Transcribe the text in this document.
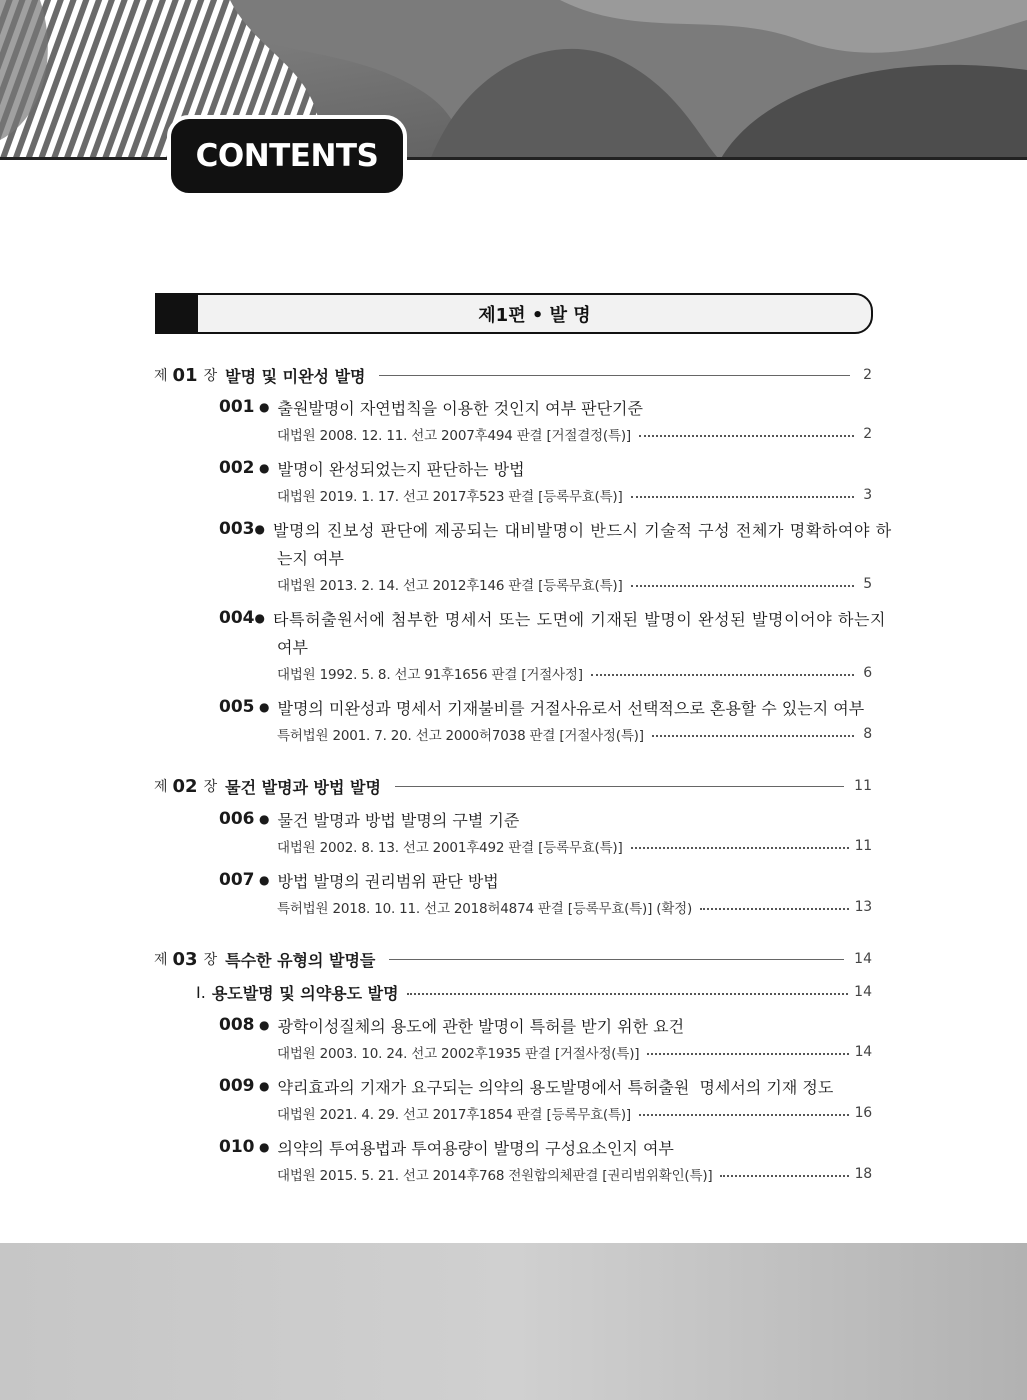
CONTENTS
제1편 • 발 명
제 01 장 발명 및 미완성 발명	2
001 ● 출원발명이 자연법칙을 이용한 것인지 여부 판단기준
대법원 2008. 12. 11. 선고 2007후494 판결 [거절결정(특)]	2
002 ● 발명이 완성되었는지 판단하는 방법
대법원 2019. 1. 17. 선고 2017후523 판결 [등록무효(특)]	3
003 ● 발명의 진보성 판단에 제공되는 대비발명이 반드시 기술적 구성 전체가 명확하여야 하
는지 여부
대법원 2013. 2. 14. 선고 2012후146 판결 [등록무효(특)]	5
004 ● 타특허출원서에 첨부한 명세서 또는 도면에 기재된 발명이 완성된 발명이어야 하는지
여부
대법원 1992. 5. 8. 선고 91후1656 판결 [거절사정]	6
005 ● 발명의 미완성과 명세서 기재불비를 거절사유로서 선택적으로 혼용할 수 있는지 여부
특허법원 2001. 7. 20. 선고 2000허7038 판결 [거절사정(특)]	8
제 02 장 물건 발명과 방법 발명	11
006 ● 물건 발명과 방법 발명의 구별 기준
대법원 2002. 8. 13. 선고 2001후492 판결 [등록무효(특)]	11
007 ● 방법 발명의 권리범위 판단 방법
특허법원 2018. 10. 11. 선고 2018허4874 판결 [등록무효(특)] (확정)	13
제 03 장 특수한 유형의 발명들	14
Ⅰ. 용도발명 및 의약용도 발명	14
008 ● 광학이성질체의 용도에 관한 발명이 특허를 받기 위한 요건
대법원 2003. 10. 24. 선고 2002후1935 판결 [거절사정(특)]	14
009 ● 약리효과의 기재가 요구되는 의약의 용도발명에서 특허출원  명세서의 기재 정도
대법원 2021. 4. 29. 선고 2017후1854 판결 [등록무효(특)]	16
010 ● 의약의 투여용법과 투여용량이 발명의 구성요소인지 여부
대법원 2015. 5. 21. 선고 2014후768 전원합의체판결 [권리범위확인(특)]	18
